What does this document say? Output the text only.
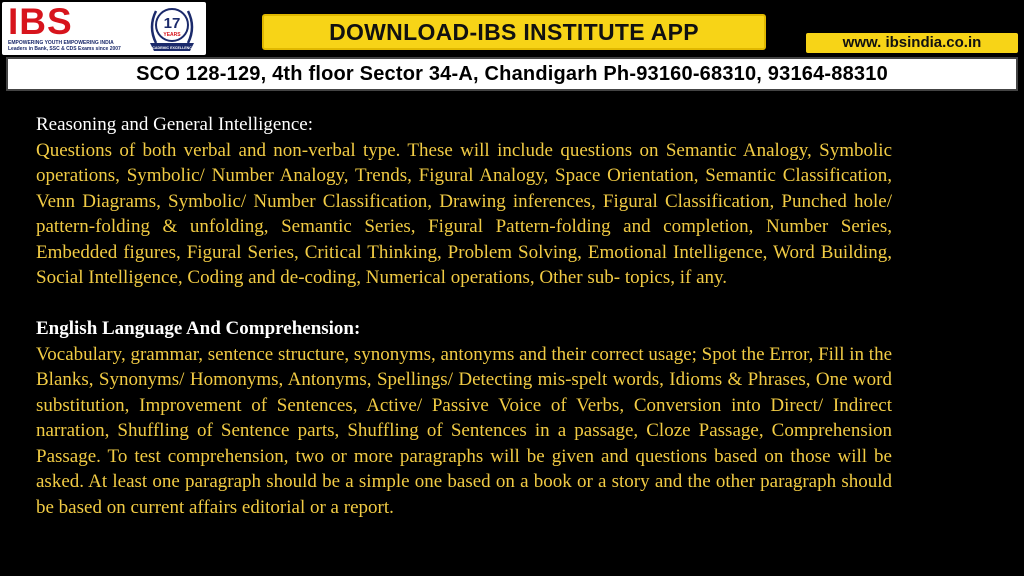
IBS
EMPOWERING YOUTH EMPOWERING INDIA
Leaders in Bank, SSC & CDS Exams since 2007
17
YEARS
ACADEMIC EXCELLENCE
DOWNLOAD-IBS INSTITUTE APP	www. ibsindia.co.in
SCO 128-129, 4th floor Sector 34-A, Chandigarh Ph-93160-68310, 93164-88310

Reasoning and General Intelligence:

Questions of both verbal and non-verbal type. These will include questions on Semantic Analogy, Symbolic operations, Symbolic/ Number Analogy, Trends, Figural Analogy, Space Orientation, Semantic Classification, Venn Diagrams, Symbolic/ Number Classification, Drawing inferences, Figural Classification, Punched hole/ pattern-folding & unfolding, Semantic Series, Figural Pattern-folding and completion, Number Series, Embedded figures, Figural Series, Critical Thinking, Problem Solving, Emotional Intelligence, Word Building, Social Intelligence, Coding and de-coding, Numerical operations, Other sub- topics, if any.

English Language And Comprehension:

Vocabulary, grammar, sentence structure, synonyms, antonyms and their correct usage; Spot the Error, Fill in the Blanks, Synonyms/ Homonyms, Antonyms, Spellings/ Detecting mis-spelt words, Idioms & Phrases, One word substitution, Improvement of Sentences, Active/ Passive Voice of Verbs, Conversion into Direct/ Indirect narration, Shuffling of Sentence parts, Shuffling of Sentences in a passage, Cloze Passage, Comprehension Passage. To test comprehension, two or more paragraphs will be given and questions based on those will be asked. At least one paragraph should be a simple one based on a book or a story and the other paragraph should be based on current affairs editorial or a report.
